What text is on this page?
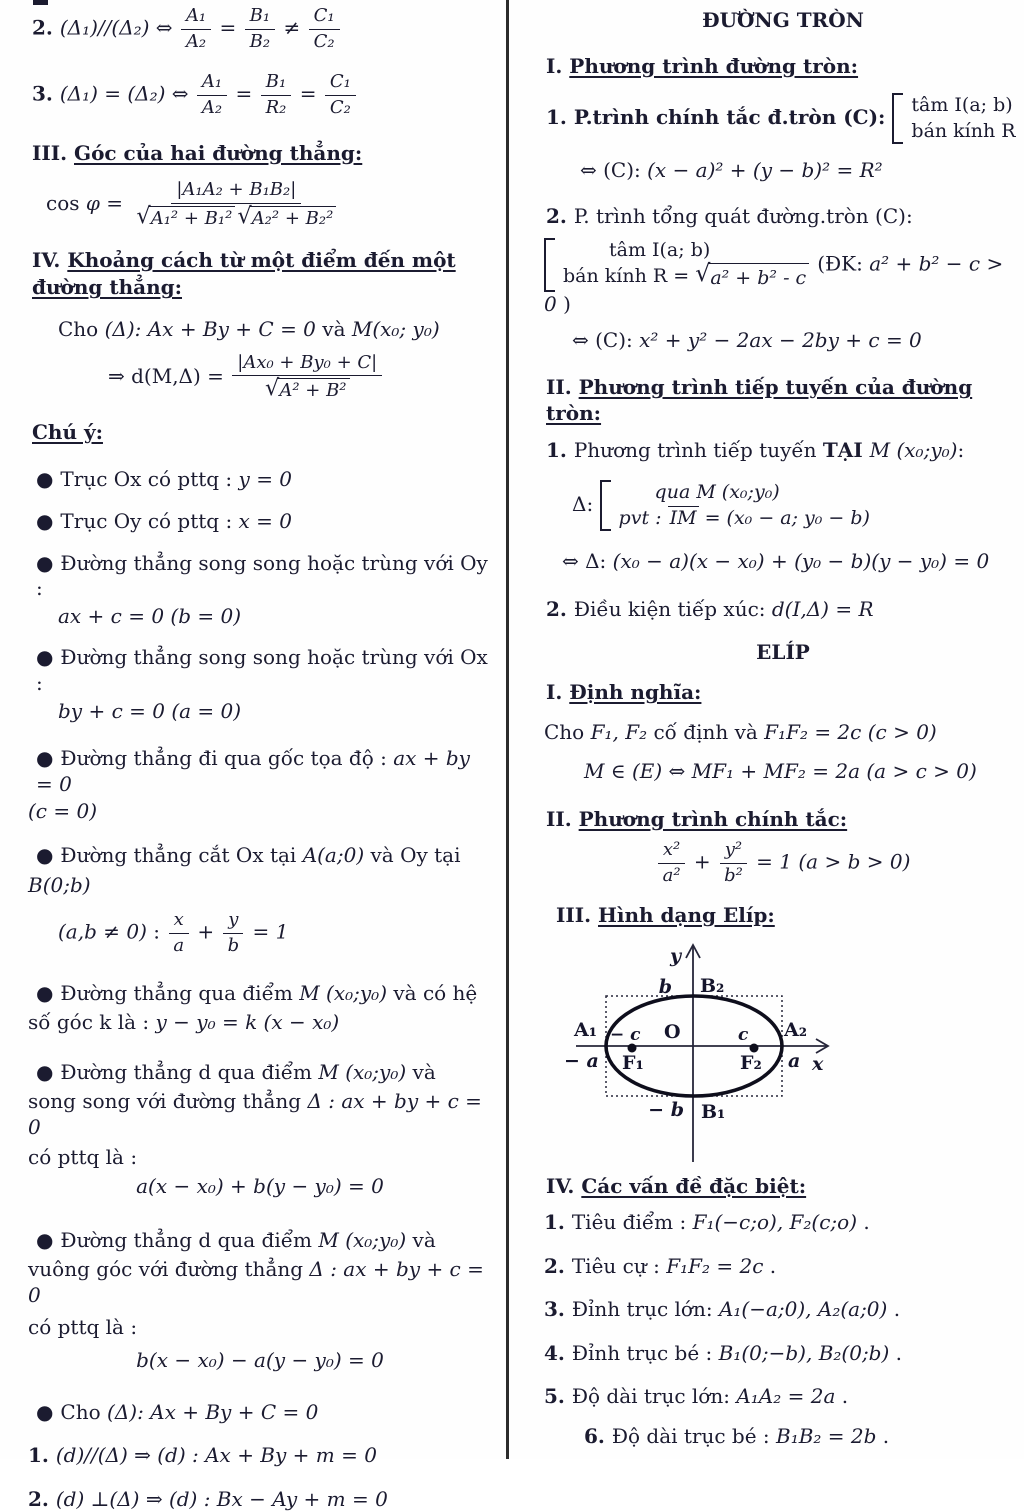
2. (Δ₁)//(Δ₂) ⇔ $\frac{\text{A₁}}{\text{A₂}} = \frac{\text{B₁}}{\text{B₂}} \ne \frac{\text{C₁}}{\text{C₂}}$
3. (Δ₁) = (Δ₂) ⇔ $\frac{\text{A₁}}{\text{A₂}} = \frac{\text{B₁}}{\text{R₂}} = \frac{\text{C₁}}{\text{C₂}}$
III. Góc của hai đường thẳng:
$\cos \varphi = \frac{\text{|A₁A₂ + B₁B₂|}}{\text{√ A₁² + B₁² √ A₂² + B₂²}}$
IV. Khoảng cách từ một điểm đến một
đường thẳng:
Cho (Δ): Ax + By + C = 0 và M(x₀; y₀)
⇒ $d(M,\Delta) = \frac{\text{|Ax₀ + By₀ + C|}}{\text{√ A² + B²}}$
Chú ý:
● Trục Ox có pttq : y = 0
● Trục Oy có pttq : x = 0
● Đường thẳng song song hoặc trùng với Oy :
ax + c = 0 (b = 0)
● Đường thẳng song song hoặc trùng với Ox :
by + c = 0 (a = 0)
● Đường thẳng đi qua gốc tọa độ : ax + by = 0
(c = 0)
● Đường thẳng cắt Ox tại A(a;0) và Oy tại
B(0;b)
(a,b ≠ 0) : $\frac{x}{a} + \frac{y}{b} = 1$
● Đường thẳng qua điểm M (x₀;y₀) và có hệ
số góc k là : y − y₀ = k (x − x₀)
● Đường thẳng d qua điểm M (x₀;y₀) và
song song với đường thẳng Δ : ax + by + c = 0
có pttq là :
a(x − x₀) + b(y − y₀) = 0
● Đường thẳng d qua điểm M (x₀;y₀) và
vuông góc với đường thẳng Δ : ax + by + c = 0
có pttq là :
b(x − x₀) − a(y − y₀) = 0
● Cho (Δ): Ax + By + C = 0
1. (d)//(Δ) ⇒ (d) : Ax + By + m = 0
2. (d) ⊥(Δ) ⇒ (d) : Bx − Ay + m = 0
ĐƯỜNG TRÒN
I. Phương trình đường tròn:
1. P.trình chính tắc đ.tròn (C):
tâm I(a; b)
bán kính R
⇔ (C): (x − a)² + (y − b)² = R²
2. P. trình tổng quát đường.tròn (C):
tâm I(a; b)
bán kính R = √ a² + b² - c
(ĐK: a² + b² − c > 0 )
⇔ (C): x² + y² − 2ax − 2by + c = 0
II. Phương trình tiếp tuyến của đường tròn:
1. Phương trình tiếp tuyến TẠI M (x₀;y₀):
Δ:
qua M (x₀;y₀)
pvt : IM = (x₀ − a; y₀ − b)
⇔ Δ: (x₀ − a)(x − x₀) + (y₀ − b)(y − y₀) = 0
2. Điều kiện tiếp xúc: d(I,Δ) = R
ELÍP
I. Định nghĩa:
Cho F₁, F₂ cố định và F₁F₂ = 2c (c > 0)
M ∈ (E) ⇔ MF₁ + MF₂ = 2a (a > c > 0)
II. Phương trình chính tắc:
$\frac{\text{x²}}{\text{a²}} + \frac{\text{y²}}{\text{b²}} = 1$ (a > b > 0)
III. Hình dạng Elíp:
y
x
O
b B₂
− b B₁
A₁
− a
A₂
a
− c
F₁
c
F₂
IV. Các vấn đề đặc biệt:
1. Tiêu điểm : F₁(−c;o), F₂(c;o) .
2. Tiêu cự : F₁F₂ = 2c .
3. Đỉnh trục lớn: A₁(−a;0), A₂(a;0) .
4. Đỉnh trục bé : B₁(0;−b), B₂(0;b) .
5. Độ dài trục lớn: A₁A₂ = 2a .
6. Độ dài trục bé : B₁B₂ = 2b .
